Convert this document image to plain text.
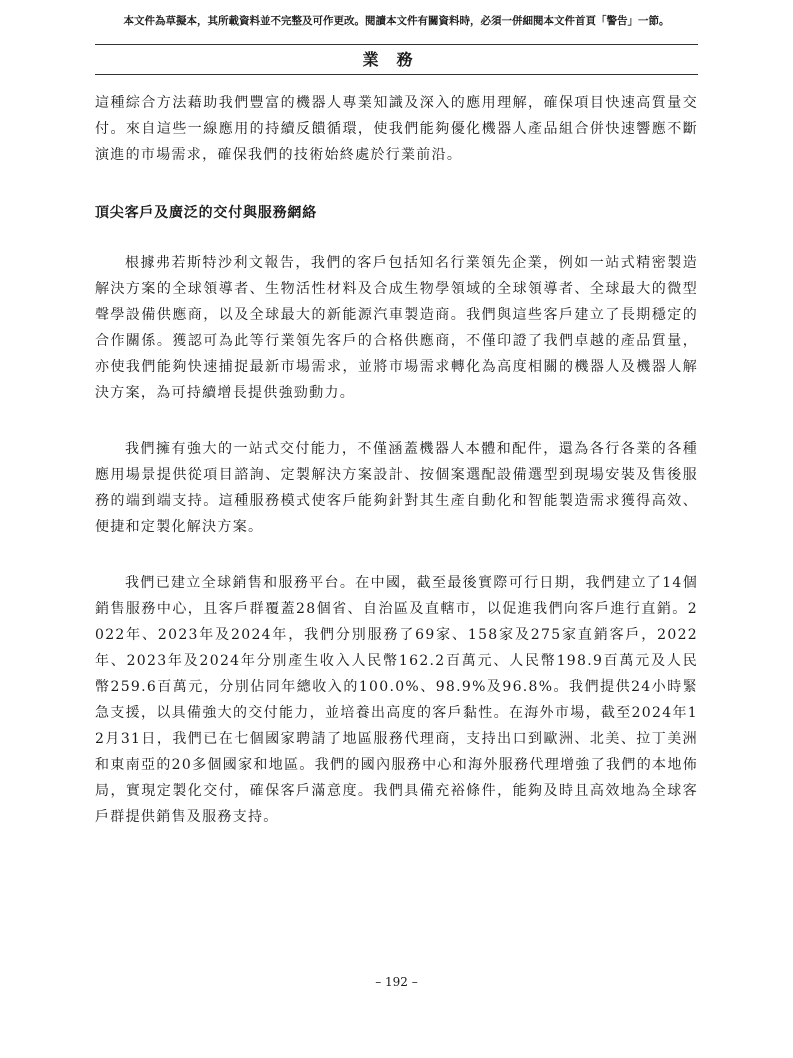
本文件為草擬本，其所載資料並不完整及可作更改。閱讀本文件有關資料時，必須一併細閱本文件首頁「警告」一節。
業務

這種綜合方法藉助我們豐富的機器人專業知識及深入的應用理解，確保項目快速高質量交付。來自這些一線應用的持續反饋循環，使我們能夠優化機器人產品組合併快速響應不斷演進的市場需求，確保我們的技術始終處於行業前沿。

頂尖客戶及廣泛的交付與服務網絡

根據弗若斯特沙利文報告，我們的客戶包括知名行業領先企業，例如一站式精密製造解決方案的全球領導者、生物活性材料及合成生物學領域的全球領導者、全球最大的微型聲學設備供應商，以及全球最大的新能源汽車製造商。我們與這些客戶建立了長期穩定的合作關係。獲認可為此等行業領先客戶的合格供應商，不僅印證了我們卓越的產品質量，亦使我們能夠快速捕捉最新市場需求，並將市場需求轉化為高度相關的機器人及機器人解決方案，為可持續增長提供強勁動力。

我們擁有強大的一站式交付能力，不僅涵蓋機器人本體和配件，還為各行各業的各種應用場景提供從項目諮詢、定製解決方案設計、按個案選配設備選型到現場安裝及售後服務的端到端支持。這種服務模式使客戶能夠針對其生產自動化和智能製造需求獲得高效、便捷和定製化解決方案。

我們已建立全球銷售和服務平台。在中國，截至最後實際可行日期，我們建立了14個銷售服務中心，且客戶群覆蓋28個省、自治區及直轄市，以促進我們向客戶進行直銷。2022年、2023年及2024年，我們分別服務了69家、158家及275家直銷客戶，2022年、2023年及2024年分別產生收入人民幣162.2百萬元、人民幣198.9百萬元及人民幣259.6百萬元，分別佔同年總收入的100.0%、98.9%及96.8%。我們提供24小時緊急支援，以具備強大的交付能力，並培養出高度的客戶黏性。在海外市場，截至2024年12月31日，我們已在七個國家聘請了地區服務代理商，支持出口到歐洲、北美、拉丁美洲和東南亞的20多個國家和地區。我們的國內服務中心和海外服務代理增強了我們的本地佈局，實現定製化交付，確保客戶滿意度。我們具備充裕條件，能夠及時且高效地為全球客戶群提供銷售及服務支持。

– 192 –
